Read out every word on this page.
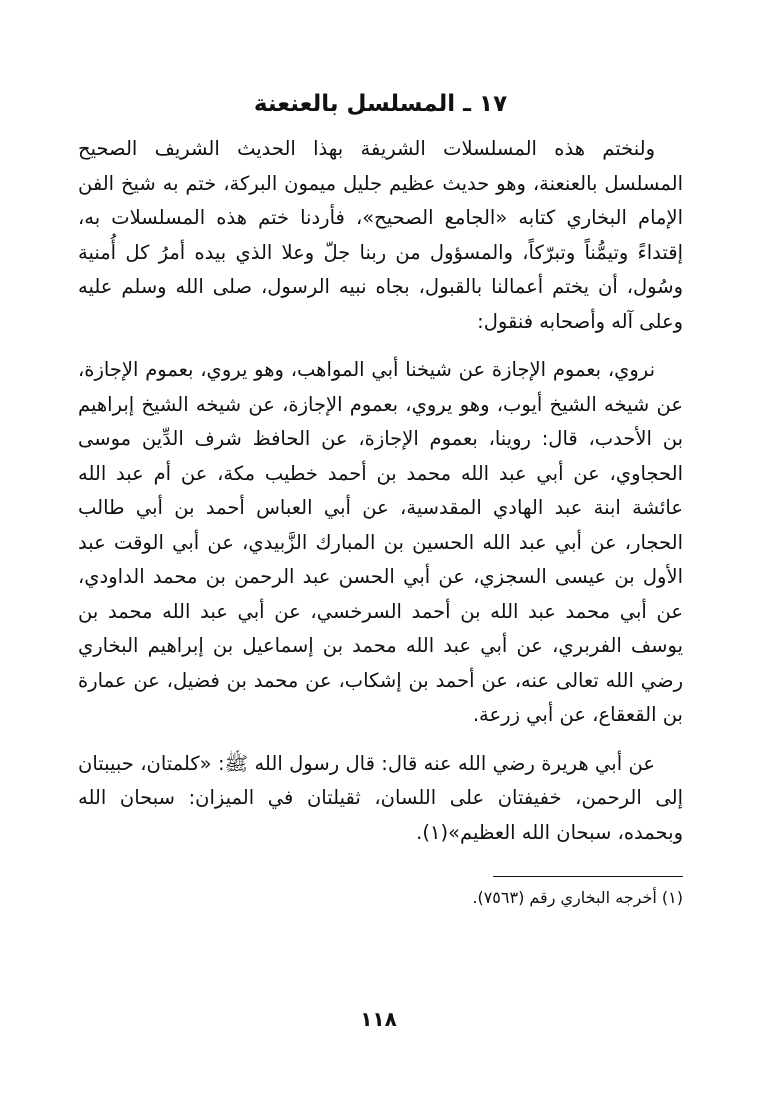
١٧ ـ المسلسل بالعنعنة

ولنختم هذه المسلسلات الشريفة بهذا الحديث الشريف الصحيح المسلسل بالعنعنة، وهو حديث عظيم جليل ميمون البركة، ختم به شيخ الفن الإمام البخاري كتابه «الجامع الصحيح»، فأردنا ختم هذه المسلسلات به، إقتداءً وتيمُّناً وتبرّكاً، والمسؤول من ربنا جلّ وعلا الذي بيده أمرُ كل أُمنية وسُول، أن يختم أعمالنا بالقبول، بجاه نبيه الرسول، صلى الله وسلم عليه وعلى آله وأصحابه فنقول:

نروي، بعموم الإجازة عن شيخنا أبي المواهب، وهو يروي، بعموم الإجازة، عن شيخه الشيخ أيوب، وهو يروي، بعموم الإجازة، عن شيخه الشيخ إبراهيم بن الأحدب، قال: روينا، بعموم الإجازة، عن الحافظ شرف الدِّين موسى الحجاوي، عن أبي عبد الله محمد بن أحمد خطيب مكة، عن أم عبد الله عائشة ابنة عبد الهادي المقدسية، عن أبي العباس أحمد بن أبي طالب الحجار، عن أبي عبد الله الحسين بن المبارك الزَّبيدي، عن أبي الوقت عبد الأول بن عيسى السجزي، عن أبي الحسن عبد الرحمن بن محمد الداودي، عن أبي محمد عبد الله بن أحمد السرخسي، عن أبي عبد الله محمد بن يوسف الفربري، عن أبي عبد الله محمد بن إسماعيل بن إبراهيم البخاري رضي الله تعالى عنه، عن أحمد بن إشكاب، عن محمد بن فضيل، عن عمارة بن القعقاع، عن أبي زرعة.

عن أبي هريرة رضي الله عنه قال: قال رسول الله ﷺ: «كلمتان، حبيبتان إلى الرحمن، خفيفتان على اللسان، ثقيلتان في الميزان: سبحان الله وبحمده، سبحان الله العظيم»(١).

(١) أخرجه البخاري رقم (٧٥٦٣).

١١٨
